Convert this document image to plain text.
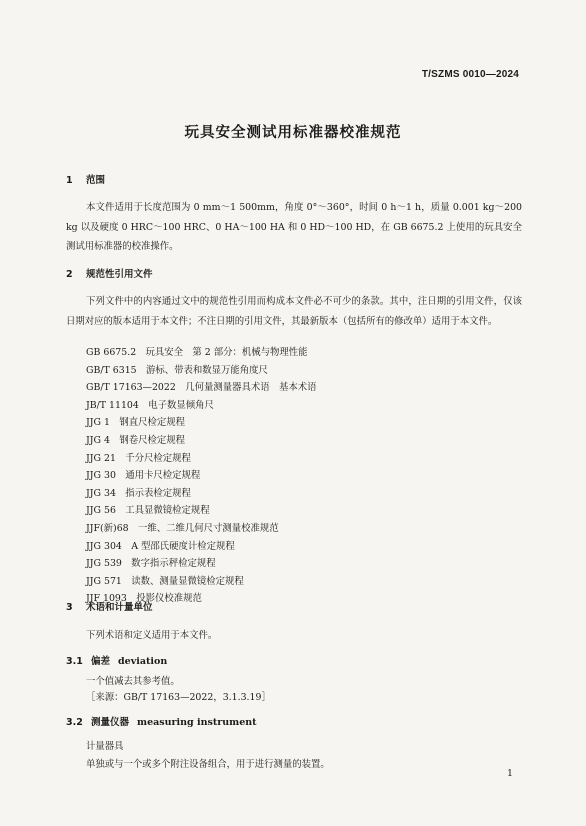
T/SZMS 0010—2024
玩具安全测试用标准器校准规范
1 范围

本文件适用于长度范围为 0 mm～1 500mm，角度 0°～360°，时间 0 h～1 h，质量 0.001 kg～200 kg 以及硬度 0 HRC～100 HRC、0 HA～100 HA 和 0 HD～100 HD，在 GB 6675.2 上使用的玩具安全测试用标准器的校准操作。

2 规范性引用文件

下列文件中的内容通过文中的规范性引用而构成本文件必不可少的条款。其中，注日期的引用文件，仅该日期对应的版本适用于本文件；不注日期的引用文件，其最新版本（包括所有的修改单）适用于本文件。

GB 6675.2　玩具安全　第 2 部分：机械与物理性能
GB/T 6315　游标、带表和数显万能角度尺
GB/T 17163—2022　几何量测量器具术语　基本术语
JB/T 11104　电子数显倾角尺
JJG 1　钢直尺检定规程
JJG 4　钢卷尺检定规程
JJG 21　千分尺检定规程
JJG 30　通用卡尺检定规程
JJG 34　指示表检定规程
JJG 56　工具显微镜检定规程
JJF(新)68　一维、二维几何尺寸测量校准规范
JJG 304　A 型邵氏硬度计检定规程
JJG 539　数字指示秤检定规程
JJG 571　读数、测量显微镜检定规程
JJF 1093　投影仪校准规范
3 术语和计量单位
下列术语和定义适用于本文件。
3.1 偏差 deviation
一个值减去其参考值。
［来源：GB/T 17163—2022，3.1.3.19］
3.2 测量仪器 measuring instrument
计量器具
单独或与一个或多个附注设备组合，用于进行测量的装置。
1
